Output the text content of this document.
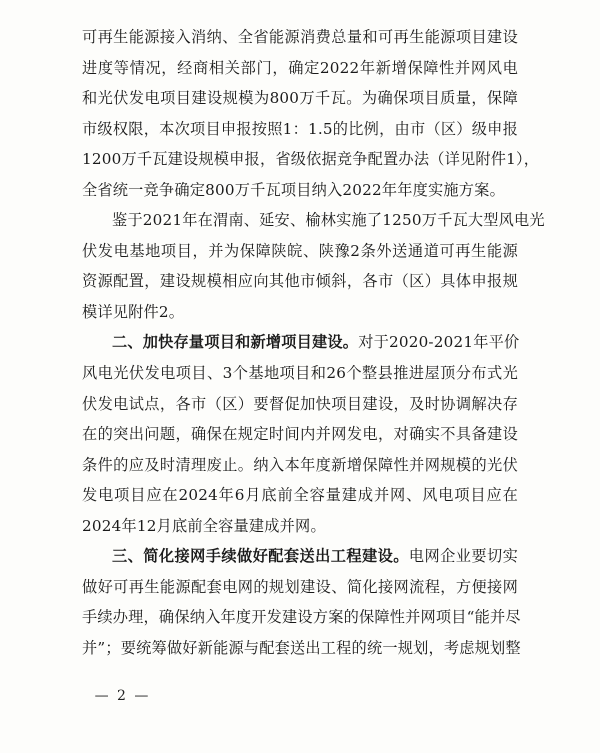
可再生能源接入消纳、全省能源消费总量和可再生能源项目建设
进度等情况，经商相关部门，确定2022年新增保障性并网风电
和光伏发电项目建设规模为800万千瓦。为确保项目质量，保障
市级权限，本次项目申报按照1：1.5的比例，由市（区）级申报
1200万千瓦建设规模申报，省级依据竞争配置办法（详见附件1），
全省统一竞争确定800万千瓦项目纳入2022年年度实施方案。
鉴于2021年在渭南、延安、榆林实施了1250万千瓦大型风电光
伏发电基地项目，并为保障陕皖、陕豫2条外送通道可再生能源
资源配置，建设规模相应向其他市倾斜，各市（区）具体申报规
模详见附件2。
二、加快存量项目和新增项目建设。对于2020-2021年平价
风电光伏发电项目、3个基地项目和26个整县推进屋顶分布式光
伏发电试点，各市（区）要督促加快项目建设，及时协调解决存
在的突出问题，确保在规定时间内并网发电，对确实不具备建设
条件的应及时清理废止。纳入本年度新增保障性并网规模的光伏
发电项目应在2024年6月底前全容量建成并网、风电项目应在
2024年12月底前全容量建成并网。
三、简化接网手续做好配套送出工程建设。电网企业要切实
做好可再生能源配套电网的规划建设、简化接网流程，方便接网
手续办理，确保纳入年度开发建设方案的保障性并网项目“能并尽
并”；要统筹做好新能源与配套送出工程的统一规划，考虑规划整
— 2 —
